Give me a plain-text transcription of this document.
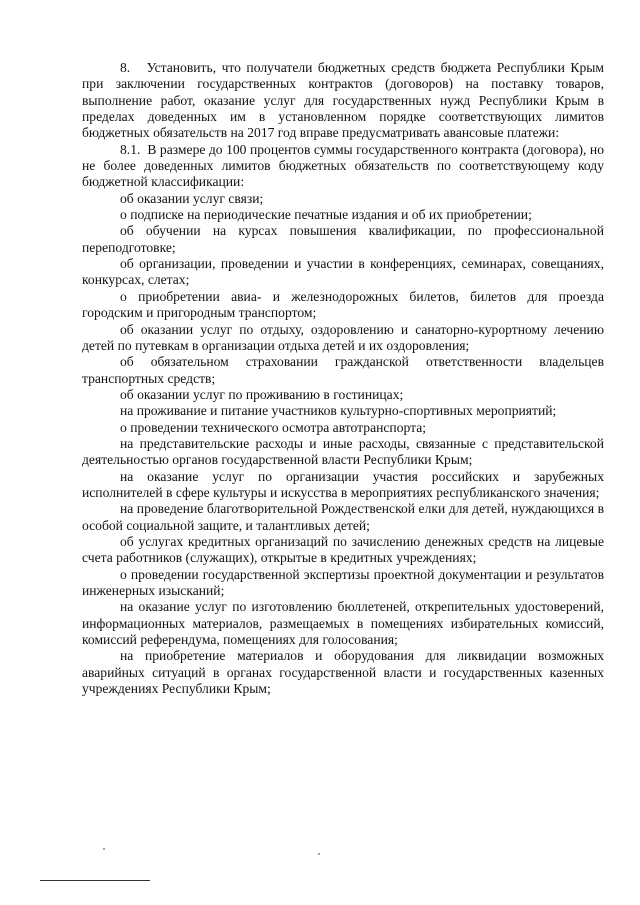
8.   Установить, что получатели бюджетных средств бюджета Республики Крым при заключении государственных контрактов (договоров) на поставку товаров, выполнение работ, оказание услуг для государственных нужд Республики Крым в пределах доведенных им в установленном порядке соответствующих лимитов бюджетных обязательств на 2017 год вправе предусматривать авансовые платежи:

8.1.  В размере до 100 процентов суммы государственного контракта (договора), но не более доведенных лимитов бюджетных обязательств по соответствующему коду бюджетной классификации:

об оказании услуг связи;

о подписке на периодические печатные издания и об их приобретении;

об обучении на курсах повышения квалификации, по профессиональной переподготовке;

об организации, проведении и участии в конференциях, семинарах, совещаниях, конкурсах, слетах;

о приобретении авиа- и железнодорожных билетов, билетов для проезда городским и пригородным транспортом;

об оказании услуг по отдыху, оздоровлению и санаторно-курортному лечению детей по путевкам в организации отдыха детей и их оздоровления;

об обязательном страховании гражданской ответственности владельцев транспортных средств;

об оказании услуг по проживанию в гостиницах;

на проживание и питание участников культурно-спортивных мероприятий;

о проведении технического осмотра автотранспорта;

на представительские расходы и иные расходы, связанные с представительской деятельностью органов государственной власти Республики Крым;

на оказание услуг по организации участия российских и зарубежных исполнителей в сфере культуры и искусства в мероприятиях республиканского значения;

на проведение благотворительной Рождественской елки для детей, нуждающихся в особой социальной защите, и талантливых детей;

об услугах кредитных организаций по зачислению денежных средств на лицевые счета работников (служащих), открытые в кредитных учреждениях;

о проведении государственной экспертизы проектной документации и результатов инженерных изысканий;

на оказание услуг по изготовлению бюллетеней, открепительных удостоверений, информационных материалов, размещаемых в помещениях избирательных комиссий, комиссий референдума, помещениях для голосования;

на приобретение материалов и оборудования для ликвидации возможных аварийных ситуаций в органах государственной власти и государственных казенных учреждениях Республики Крым;
